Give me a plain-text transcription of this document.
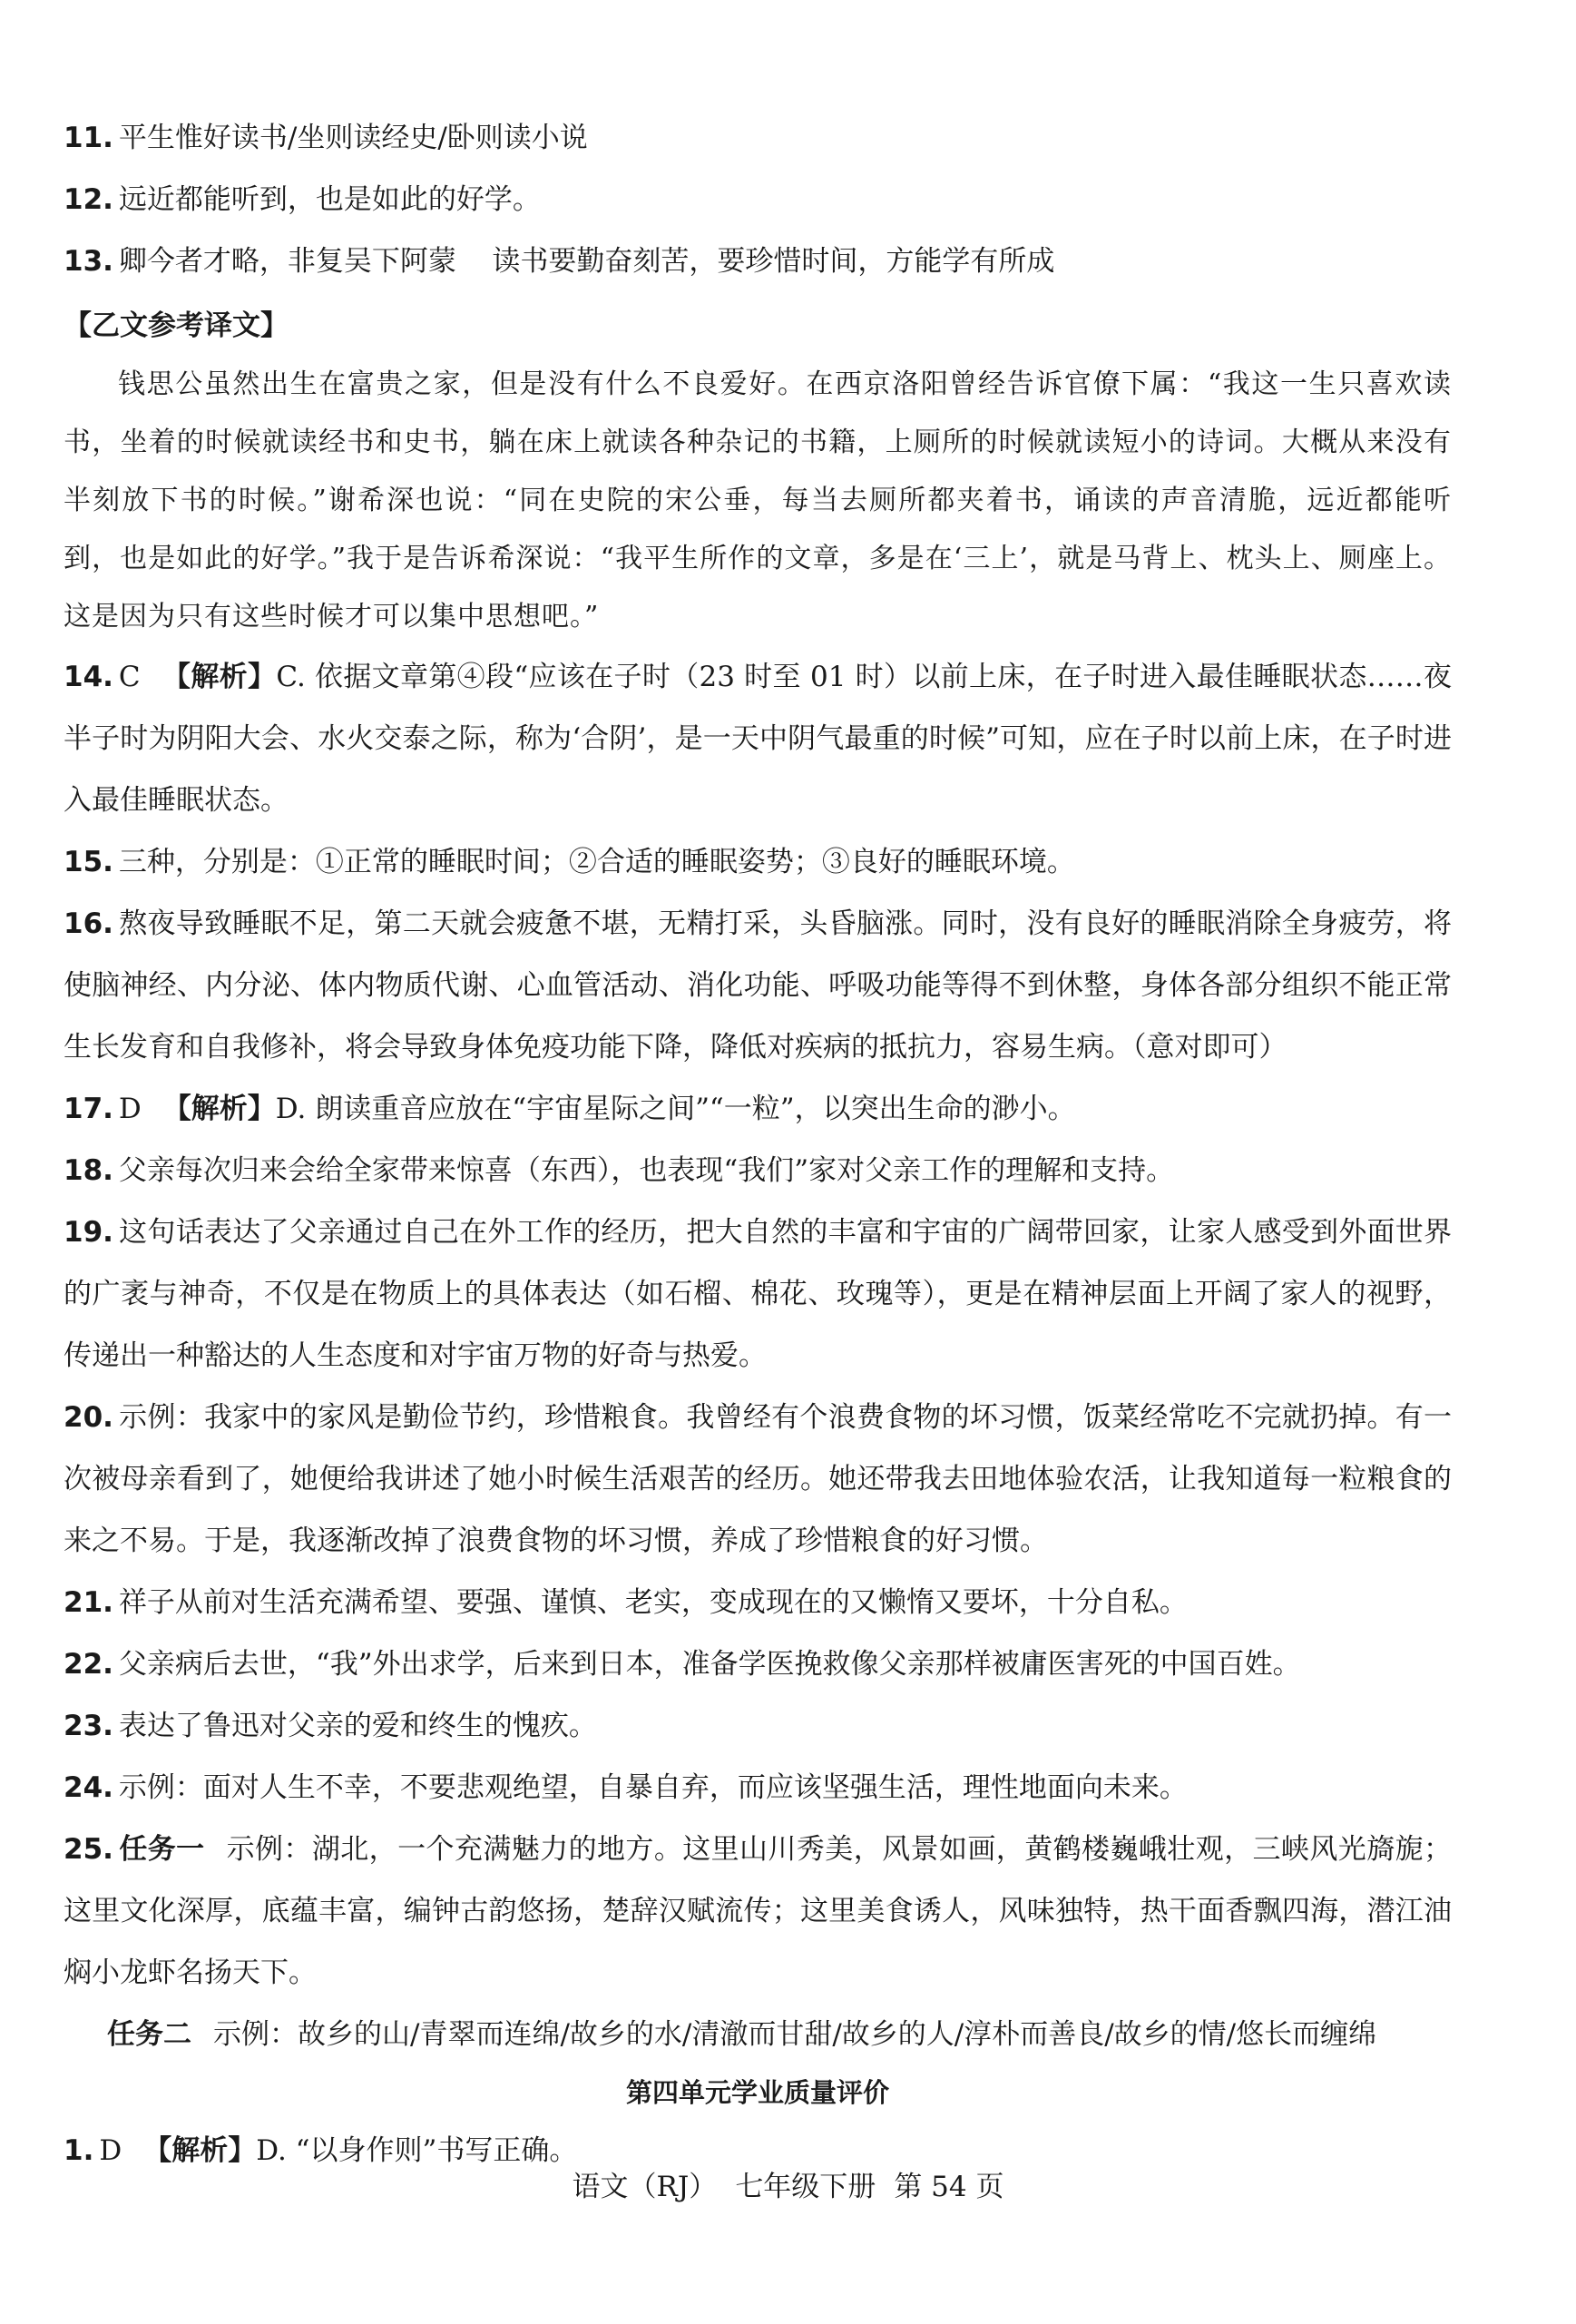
11. 平生惟好读书/坐则读经史/卧则读小说
12. 远近都能听到，也是如此的好学。
13. 卿今者才略，非复吴下阿蒙    读书要勤奋刻苦，要珍惜时间，方能学有所成
【乙文参考译文】
钱思公虽然出生在富贵之家，但是没有什么不良爱好。在西京洛阳曾经告诉官僚下属：“我这一生只喜欢读书，坐着的时候就读经书和史书，躺在床上就读各种杂记的书籍，上厕所的时候就读短小的诗词。大概从来没有半刻放下书的时候。”谢希深也说：“同在史院的宋公垂，每当去厕所都夹着书，诵读的声音清脆，远近都能听到，也是如此的好学。”我于是告诉希深说：“我平生所作的文章，多是在‘三上’，就是马背上、枕头上、厕座上。这是因为只有这些时候才可以集中思想吧。”
14. C 【解析】C. 依据文章第④段“应该在子时（23 时至 01 时）以前上床，在子时进入最佳睡眠状态……夜半子时为阴阳大会、水火交泰之际，称为‘合阴’，是一天中阴气最重的时候”可知，应在子时以前上床，在子时进入最佳睡眠状态。
15. 三种，分别是：①正常的睡眠时间；②合适的睡眠姿势；③良好的睡眠环境。
16. 熬夜导致睡眠不足，第二天就会疲惫不堪，无精打采，头昏脑涨。同时，没有良好的睡眠消除全身疲劳，将使脑神经、内分泌、体内物质代谢、心血管活动、消化功能、呼吸功能等得不到休整，身体各部分组织不能正常生长发育和自我修补，将会导致身体免疫功能下降，降低对疾病的抵抗力，容易生病。（意对即可）
17. D 【解析】D. 朗读重音应放在“宇宙星际之间”“一粒”，以突出生命的渺小。
18. 父亲每次归来会给全家带来惊喜（东西），也表现“我们”家对父亲工作的理解和支持。
19. 这句话表达了父亲通过自己在外工作的经历，把大自然的丰富和宇宙的广阔带回家，让家人感受到外面世界的广袤与神奇，不仅是在物质上的具体表达（如石榴、棉花、玫瑰等），更是在精神层面上开阔了家人的视野，传递出一种豁达的人生态度和对宇宙万物的好奇与热爱。
20. 示例：我家中的家风是勤俭节约，珍惜粮食。我曾经有个浪费食物的坏习惯，饭菜经常吃不完就扔掉。有一次被母亲看到了，她便给我讲述了她小时候生活艰苦的经历。她还带我去田地体验农活，让我知道每一粒粮食的来之不易。于是，我逐渐改掉了浪费食物的坏习惯，养成了珍惜粮食的好习惯。
21. 祥子从前对生活充满希望、要强、谨慎、老实，变成现在的又懒惰又要坏，十分自私。
22. 父亲病后去世，“我”外出求学，后来到日本，准备学医挽救像父亲那样被庸医害死的中国百姓。
23. 表达了鲁迅对父亲的爱和终生的愧疚。
24. 示例：面对人生不幸，不要悲观绝望，自暴自弃，而应该坚强生活，理性地面向未来。
25. 任务一 示例：湖北，一个充满魅力的地方。这里山川秀美，风景如画，黄鹤楼巍峨壮观，三峡风光旖旎；这里文化深厚，底蕴丰富，编钟古韵悠扬，楚辞汉赋流传；这里美食诱人，风味独特，热干面香飘四海，潜江油焖小龙虾名扬天下。
任务二 示例：故乡的山/青翠而连绵/故乡的水/清澈而甘甜/故乡的人/淳朴而善良/故乡的情/悠长而缠绵
第四单元学业质量评价
1. D 【解析】D. “以身作则”书写正确。
语文（RJ） 七年级下册 第 54 页
